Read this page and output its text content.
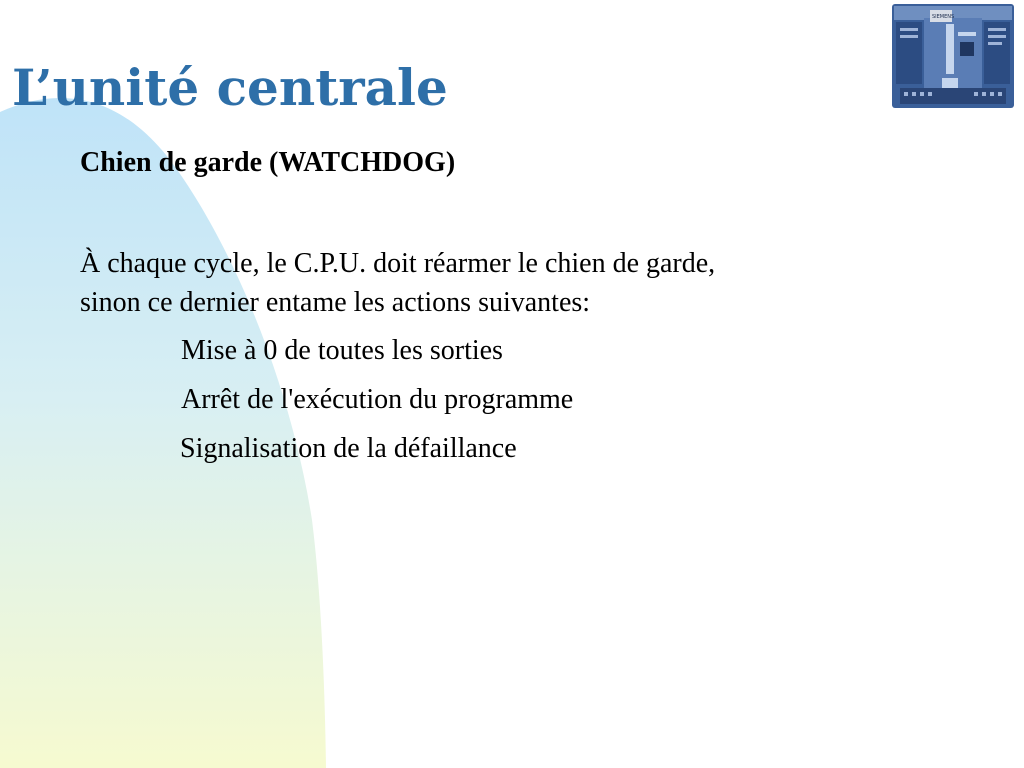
L’unité centrale
SIEMENS
Chien de garde (WATCHDOG)

À chaque cycle, le C.P.U. doit réarmer le chien de garde,
sinon ce dernier entame les actions suivantes:

Mise à 0 de toutes les sorties

Arrêt de l'exécution du programme

Signalisation de la défaillance
